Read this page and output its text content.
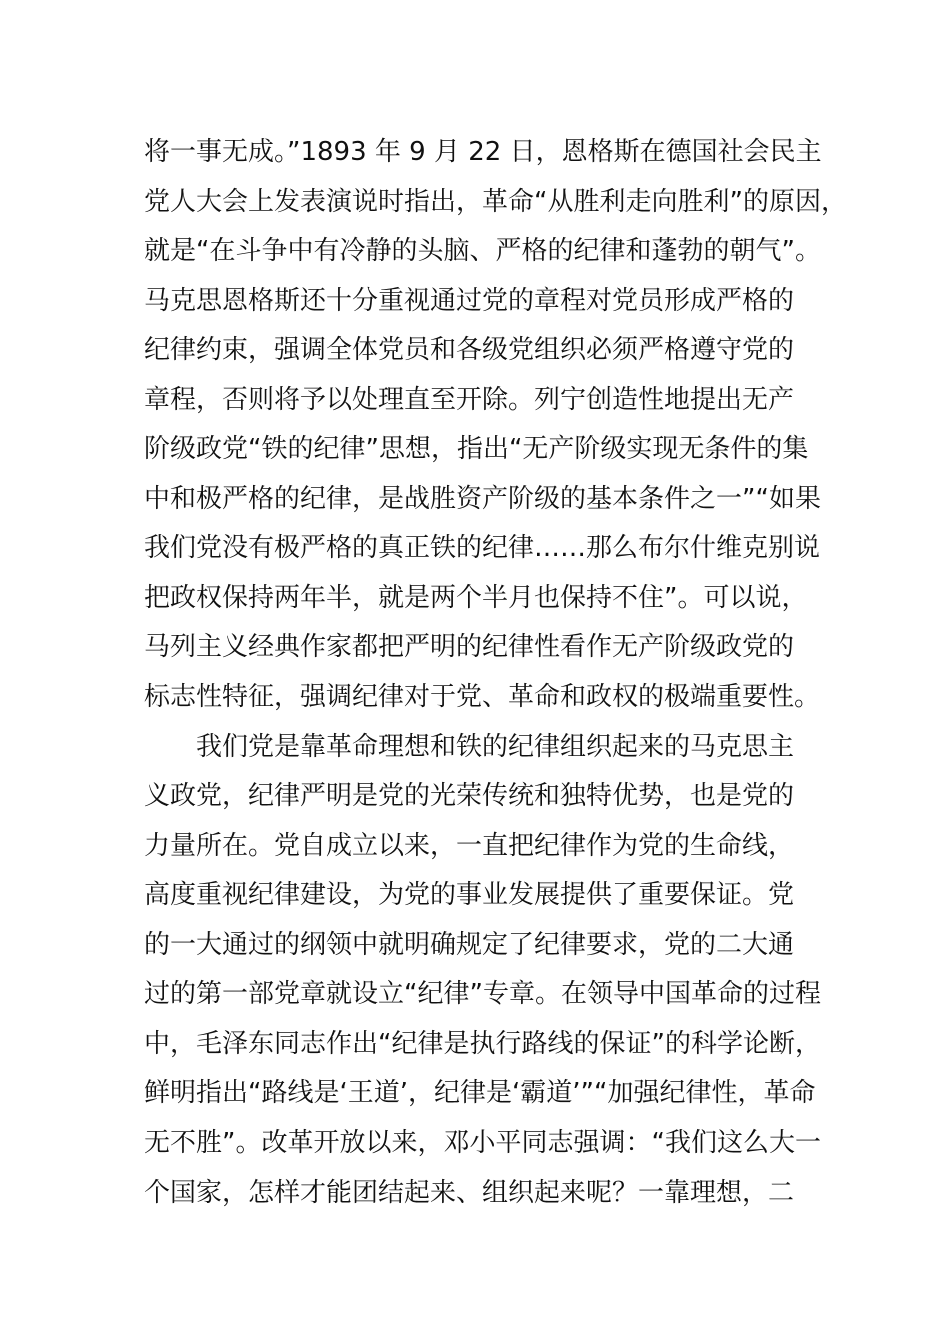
将一事无成。”1893 年 9 月 22 日，恩格斯在德国社会民主
党人大会上发表演说时指出，革命“从胜利走向胜利”的原因，
就是“在斗争中有冷静的头脑、严格的纪律和蓬勃的朝气”。
马克思恩格斯还十分重视通过党的章程对党员形成严格的
纪律约束，强调全体党员和各级党组织必须严格遵守党的
章程，否则将予以处理直至开除。列宁创造性地提出无产
阶级政党“铁的纪律”思想，指出“无产阶级实现无条件的集
中和极严格的纪律，是战胜资产阶级的基本条件之一”“如果
我们党没有极严格的真正铁的纪律……那么布尔什维克别说
把政权保持两年半，就是两个半月也保持不住”。可以说，
马列主义经典作家都把严明的纪律性看作无产阶级政党的
标志性特征，强调纪律对于党、革命和政权的极端重要性。
我们党是靠革命理想和铁的纪律组织起来的马克思主
义政党，纪律严明是党的光荣传统和独特优势，也是党的
力量所在。党自成立以来，一直把纪律作为党的生命线，
高度重视纪律建设，为党的事业发展提供了重要保证。党
的一大通过的纲领中就明确规定了纪律要求，党的二大通
过的第一部党章就设立“纪律”专章。在领导中国革命的过程
中，毛泽东同志作出“纪律是执行路线的保证”的科学论断，
鲜明指出“路线是‘王道’，纪律是‘霸道’”“加强纪律性，革命
无不胜”。改革开放以来，邓小平同志强调：“我们这么大一
个国家，怎样才能团结起来、组织起来呢？一靠理想，二
